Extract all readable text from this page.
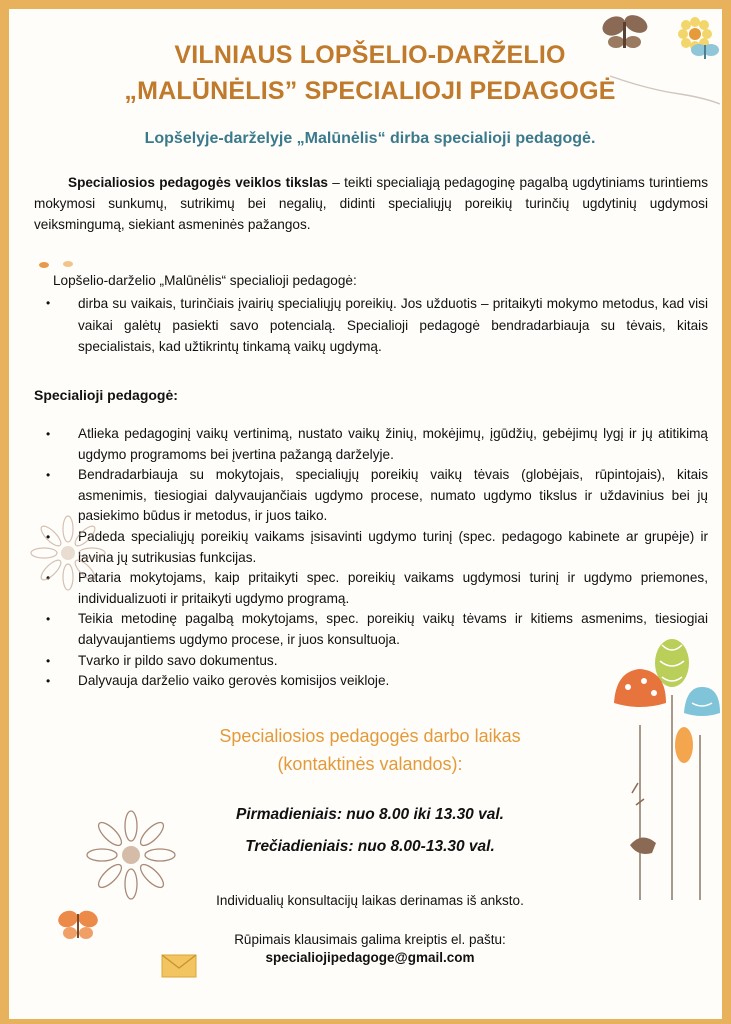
VILNIAUS LOPŠELIO-DARŽELIO
„MALŪNĖLIS” SPECIALIOJI PEDAGOGĖ
Lopšelyje-darželyje „Malūnėlis“ dirba specialioji pedagogė.
Specialiosios pedagogės veiklos tikslas – teikti specialiąją pedagoginę pagalbą ugdytiniams turintiems mokymosi sunkumų, sutrikimų bei negalių, didinti specialiųjų poreikių turinčių ugdytinių ugdymosi veiksmingumą, siekiant asmeninės pažangos.
Lopšelio-darželio „Malūnėlis“ specialioji pedagogė:
• dirba su vaikais, turinčiais įvairių specialiųjų poreikių. Jos užduotis – pritaikyti mokymo metodus, kad visi vaikai galėtų pasiekti savo potencialą. Specialioji pedagogė bendradarbiauja su tėvais, kitais specialistais, kad užtikrintų tinkamą vaikų ugdymą.
Specialioji pedagogė:
• Atlieka pedagoginį vaikų vertinimą, nustato vaikų žinių, mokėjimų, įgūdžių, gebėjimų lygį ir jų atitikimą ugdymo programoms bei įvertina pažangą darželyje.
• Bendradarbiauja su mokytojais, specialiųjų poreikių vaikų tėvais (globėjais, rūpintojais), kitais asmenimis, tiesiogiai dalyvaujančiais ugdymo procese, numato ugdymo tikslus ir uždavinius bei jų pasiekimo būdus ir metodus, ir juos taiko.
• Padeda specialiųjų poreikių vaikams įsisavinti ugdymo turinį (spec. pedagogo kabinete ar grupėje) ir lavina jų sutrikusias funkcijas.
• Pataria mokytojams, kaip pritaikyti spec. poreikių vaikams ugdymosi turinį ir ugdymo priemones, individualizuoti ir pritaikyti ugdymo programą.
• Teikia metodinę pagalbą mokytojams, spec. poreikių vaikų tėvams ir kitiems asmenims, tiesiogiai dalyvaujantiems ugdymo procese, ir juos konsultuoja.
• Tvarko ir pildo savo dokumentus.
• Dalyvauja darželio vaiko gerovės komisijos veikloje.
Specialiosios pedagogės darbo laikas
(kontaktinės valandos):
Pirmadieniais: nuo 8.00 iki 13.30 val.
Trečiadieniais: nuo 8.00-13.30 val.
Individualių konsultacijų laikas derinamas iš anksto.
Rūpimais klausimais galima kreiptis el. paštu:
specialiojipedagoge@gmail.com
